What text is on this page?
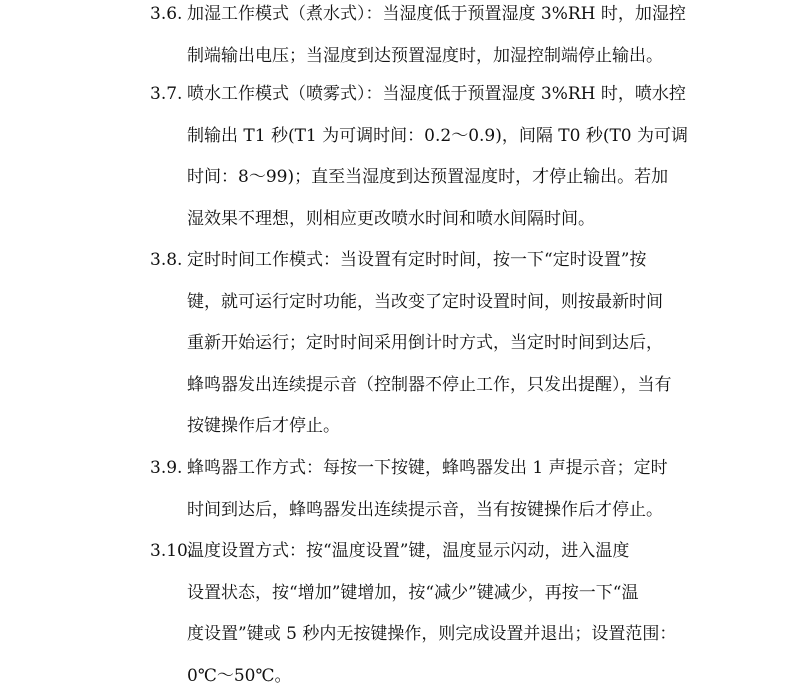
3.6. 加湿工作模式（煮水式）：当湿度低于预置湿度 3%RH 时，加湿控
制端输出电压；当湿度到达预置湿度时，加湿控制端停止输出。
3.7. 喷水工作模式（喷雾式）：当湿度低于预置湿度 3%RH 时，喷水控
制输出 T1 秒(T1 为可调时间：0.2～0.9)，间隔 T0 秒(T0 为可调
时间：8～99)；直至当湿度到达预置湿度时，才停止输出。若加
湿效果不理想，则相应更改喷水时间和喷水间隔时间。
3.8. 定时时间工作模式：当设置有定时时间，按一下“定时设置”按
键，就可运行定时功能，当改变了定时设置时间，则按最新时间
重新开始运行；定时时间采用倒计时方式，当定时时间到达后，
蜂鸣器发出连续提示音（控制器不停止工作，只发出提醒），当有
按键操作后才停止。
3.9. 蜂鸣器工作方式：每按一下按键，蜂鸣器发出 1 声提示音；定时
时间到达后，蜂鸣器发出连续提示音，当有按键操作后才停止。
3.10.
温度设置方式：按“温度设置”键，温度显示闪动，进入温度
设置状态，按“增加”键增加，按“减少”键减少，再按一下“温
度设置”键或 5 秒内无按键操作，则完成设置并退出；设置范围：
0℃～50℃。
